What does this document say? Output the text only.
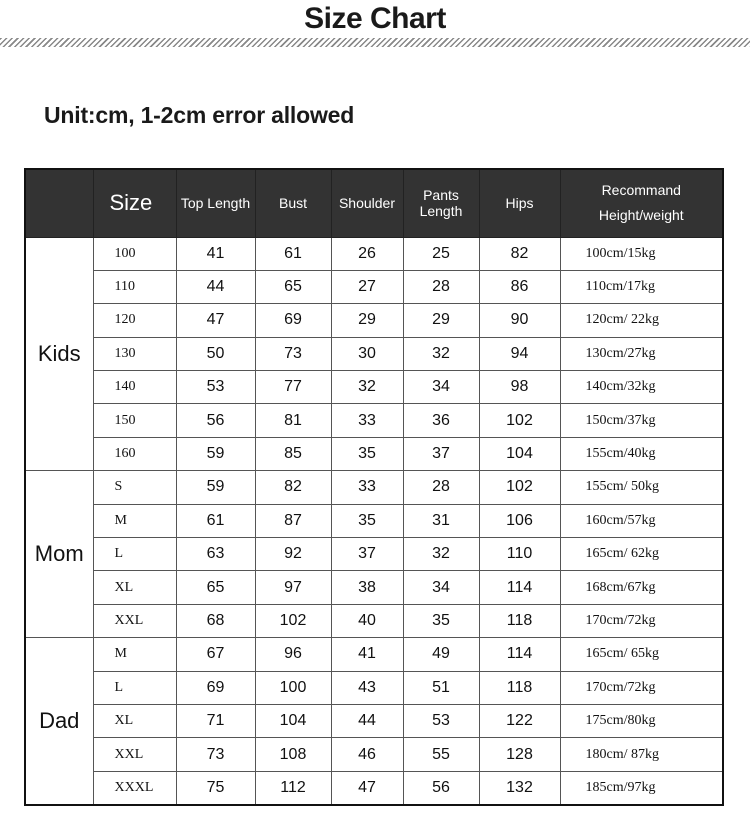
Size Chart
Unit:cm, 1-2cm error allowed
	Size	Top Length	Bust	Shoulder	Pants Length	Hips	Recommand
Height/weight

Kids	100	41	61	26	25	82	100cm/15kg
	110	44	65	27	28	86	110cm/17kg
	120	47	69	29	29	90	120cm/ 22kg
	130	50	73	30	32	94	130cm/27kg
	140	53	77	32	34	98	140cm/32kg
	150	56	81	33	36	102	150cm/37kg
	160	59	85	35	37	104	155cm/40kg
Mom	S	59	82	33	28	102	155cm/ 50kg
	M	61	87	35	31	106	160cm/57kg
	L	63	92	37	32	110	165cm/ 62kg
	XL	65	97	38	34	114	168cm/67kg
	XXL	68	102	40	35	118	170cm/72kg
Dad	M	67	96	41	49	114	165cm/ 65kg
	L	69	100	43	51	118	170cm/72kg
	XL	71	104	44	53	122	175cm/80kg
	XXL	73	108	46	55	128	180cm/ 87kg
	XXXL	75	112	47	56	132	185cm/97kg
